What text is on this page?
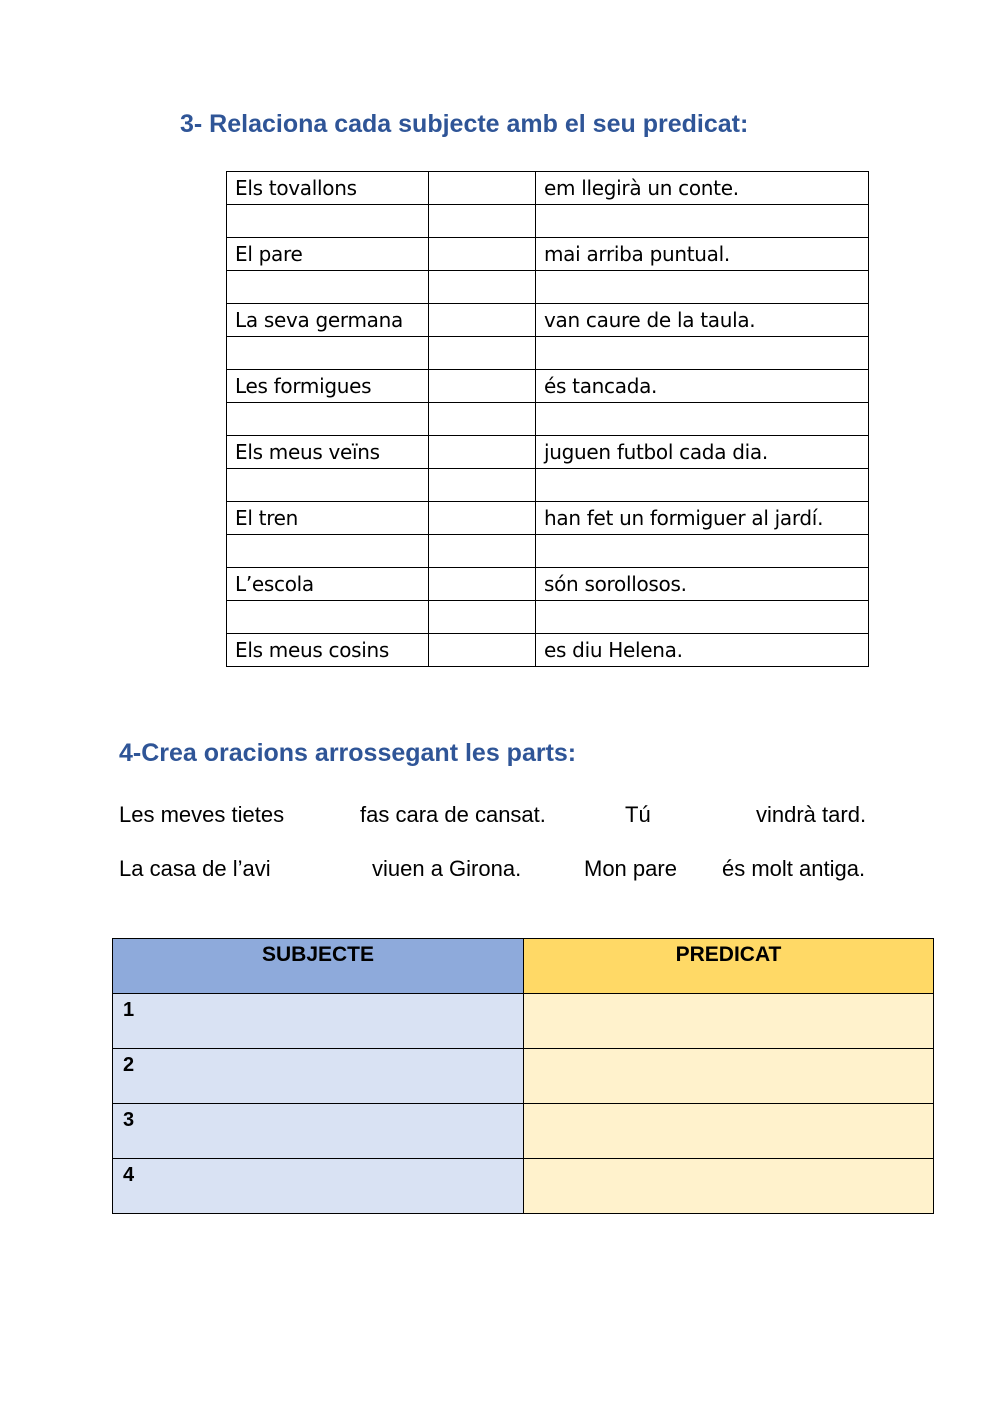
3- Relaciona cada subjecte amb el seu predicat:
Els tovallons		em llegirà un conte.

El pare		mai arriba puntual.

La seva germana		van caure de la taula.

Les formigues		és tancada.

Els meus veïns		juguen futbol cada dia.

El tren		han fet un formiguer al jardí.

L’escola		són sorollosos.

Els meus cosins		es diu Helena.
4-Crea oracions arrossegant les parts:
Les meves tietes	fas cara de cansat.	Tú	vindrà tard.
La casa de l’avi	viuen a Girona.	Mon pare és molt antiga.
SUBJECTE	PREDICAT
1	
2	
3	
4	
